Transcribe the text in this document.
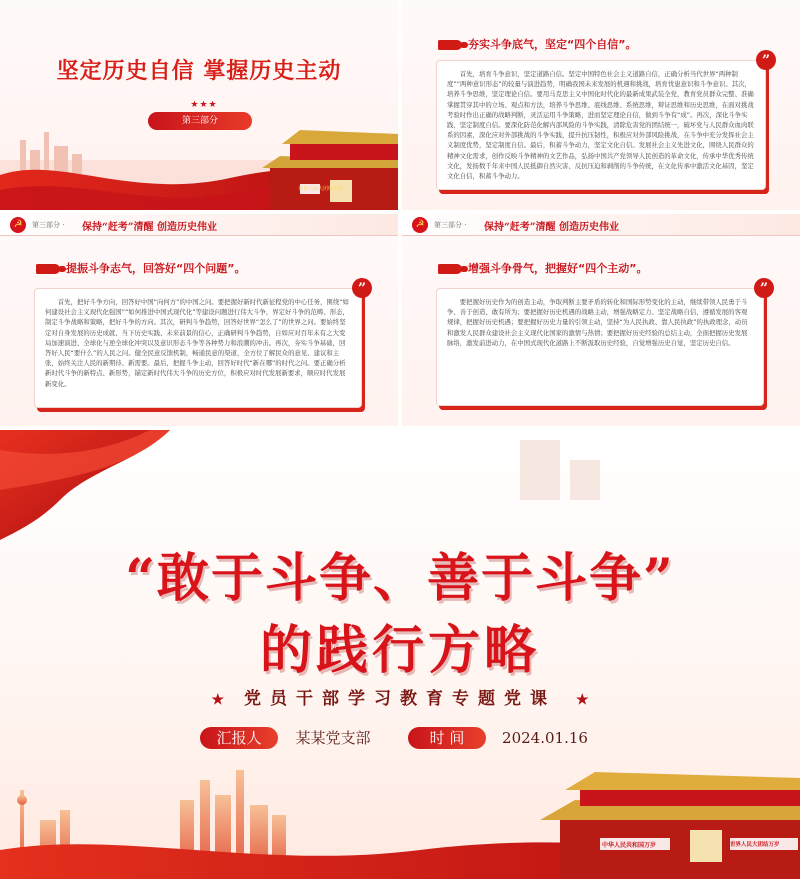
坚定历史自信 掌握历史主动
★★★
第三部分
世界人民大团结万岁
夯实斗争底气，坚定“四个自信”。

首先，培育斗争意识，坚定道路自信。坚定中国特色社会主义道路自信，正确分析当代世界“两种制度”“两种意识形态”的较量与演进趋势，明确我国未来发展的机遇和挑战，培育忧患意识和斗争意识。其次，培养斗争思维，坚定理论自信。要用马克思主义中国化时代化的最新成果武装全党，教育党员群众完整、准确掌握贯穿其中的立场、观点和方法，培养斗争思维、底线思维、系统思维，辩证思维和历史思维，在面对挑战考验时作出正确的战略判断，灵活运用斗争策略，进而坚定理论自信，做到斗争有“成”。再次，深化斗争实践，坚定制度自信。要深化防范化解内部风险的斗争实践，清除危害党的团结统一，破坏党与人民群众血肉联系的因素，深化应对外部挑战的斗争实践，提升抗压韧性，积极应对外部风险挑战，在斗争中充分发挥社会主义制度优势，坚定制度自信。最后，积蓄斗争动力，坚定文化自信。发展社会主义先进文化，围绕人民群众的精神文化需求，创作反映斗争精神的文艺作品，弘扬中国共产党领导人民创造的革命文化，传承中华优秀传统文化，发扬数千年来中国人民抵御自然灾害、反抗压迫和剥削的斗争传统，在文化传承中激活文化基因，坚定文化自信，积蓄斗争动力。

”
☭	第三部分 · 保持“赶考”清醒 创造历史伟业
提振斗争志气，回答好“四个问题”。

首先，把好斗争方向，回答好中国“向何方”的中国之问。要把握好新时代新征程党的中心任务，围绕“如何建设社会主义现代化强国”“如何推进中国式现代化”等建设问题进行伟大斗争，界定好斗争的范畴、形态，制定斗争战略和策略，把好斗争的方向。其次，研判斗争趋势，回答好世界“怎么了”的世界之问。要始终坚定对自身发展的历史成就、当下历史实践、未来前景的信心，正确研判斗争趋势，自如应对百年未有之大变局加速演进、全球化与逆全球化冲突以及意识形态斗争等各种势力和浪潮的冲击。再次，夯实斗争基础，回答好人民“要什么”的人民之问。健全民意反馈机制，畅通民意的渠道，全方位了解民众的意见、建议和主张，始终关注人民的新期待、新需要。最后，把握斗争主动，回答好时代“新在哪”的时代之问。要正确分析新时代斗争的新特点、新形势，锚定新时代伟大斗争的历史方位，积极应对时代发展新要求，顺应时代发展新变化。

”
☭	第三部分 · 保持“赶考”清醒 创造历史伟业
增强斗争骨气，把握好“四个主动”。

要把握好历史作为的创造主动，争取判断主要矛盾的转化和国际形势变化的主动，继续带领人民勇于斗争、善于创造、敢有所为；要把握好历史机遇的战略主动，增强战略定力、坚定战略自信，遵循发展的客观规律，把握好历史机遇；要把握好历史力量的引领主动，坚持“为人民执政、靠人民执政”的执政理念，动员和激发人民群众建设社会主义现代化国家的激情与热情；要把握好历史经验的总结主动，全面把握历史发展脉络，激发前进动力，在中国式现代化道路上不断汲取历史经验，自觉增强历史自觉，坚定历史自信。

”
“敢于斗争、善于斗争”
的践行方略
★ 党员干部学习教育专题党课 ★
汇报人	某某党支部	时 间	2024.01.16
中华人民共和国万岁	世界人民大团结万岁
